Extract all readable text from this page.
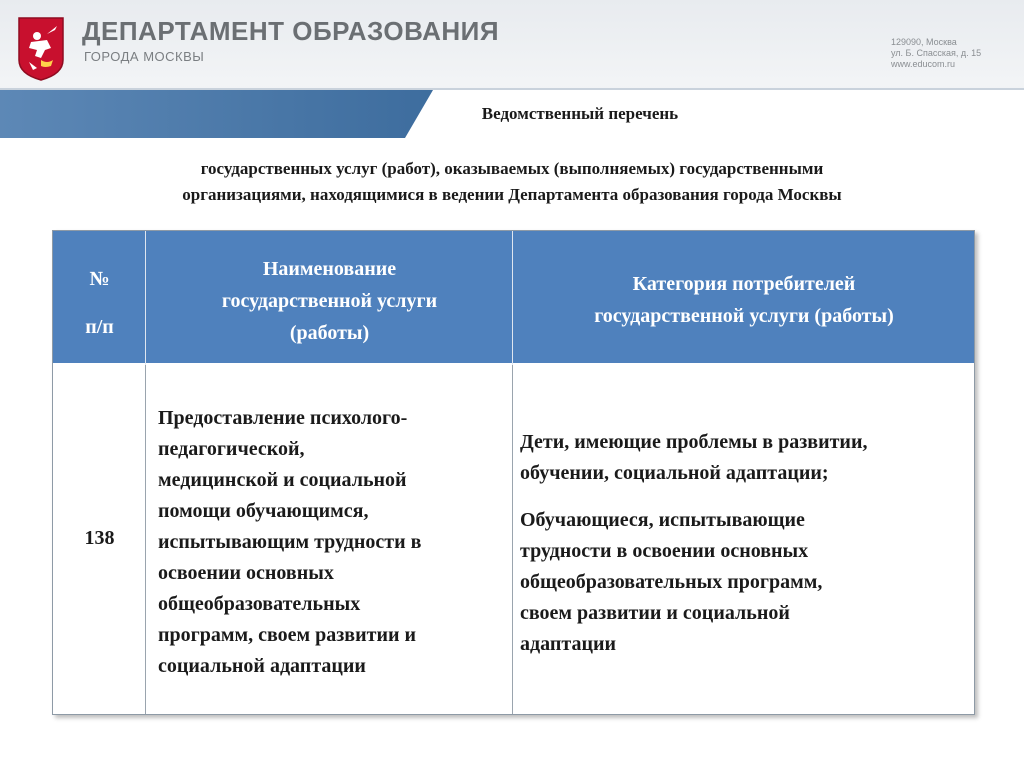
ДЕПАРТАМЕНТ ОБРАЗОВАНИЯ
ГОРОДА МОСКВЫ
129090, Москва
ул. Б. Спасская, д. 15
www.educom.ru
Ведомственный перечень
государственных услуг (работ), оказываемых (выполняемых) государственными
организациями, находящимися в ведении Департамента образования города Москвы
№
п/п
Наименование
государственной услуги
(работы)
Категория потребителей
государственной услуги (работы)
138
Предоставление психолого-
педагогической,
медицинской и социальной
помощи обучающимся,
испытывающим трудности в
освоении основных
общеобразовательных
программ, своем развитии и
социальной адаптации
Дети, имеющие проблемы в развитии,
обучении, социальной адаптации;
Обучающиеся, испытывающие
трудности в освоении основных
общеобразовательных программ,
своем развитии и социальной
адаптации
